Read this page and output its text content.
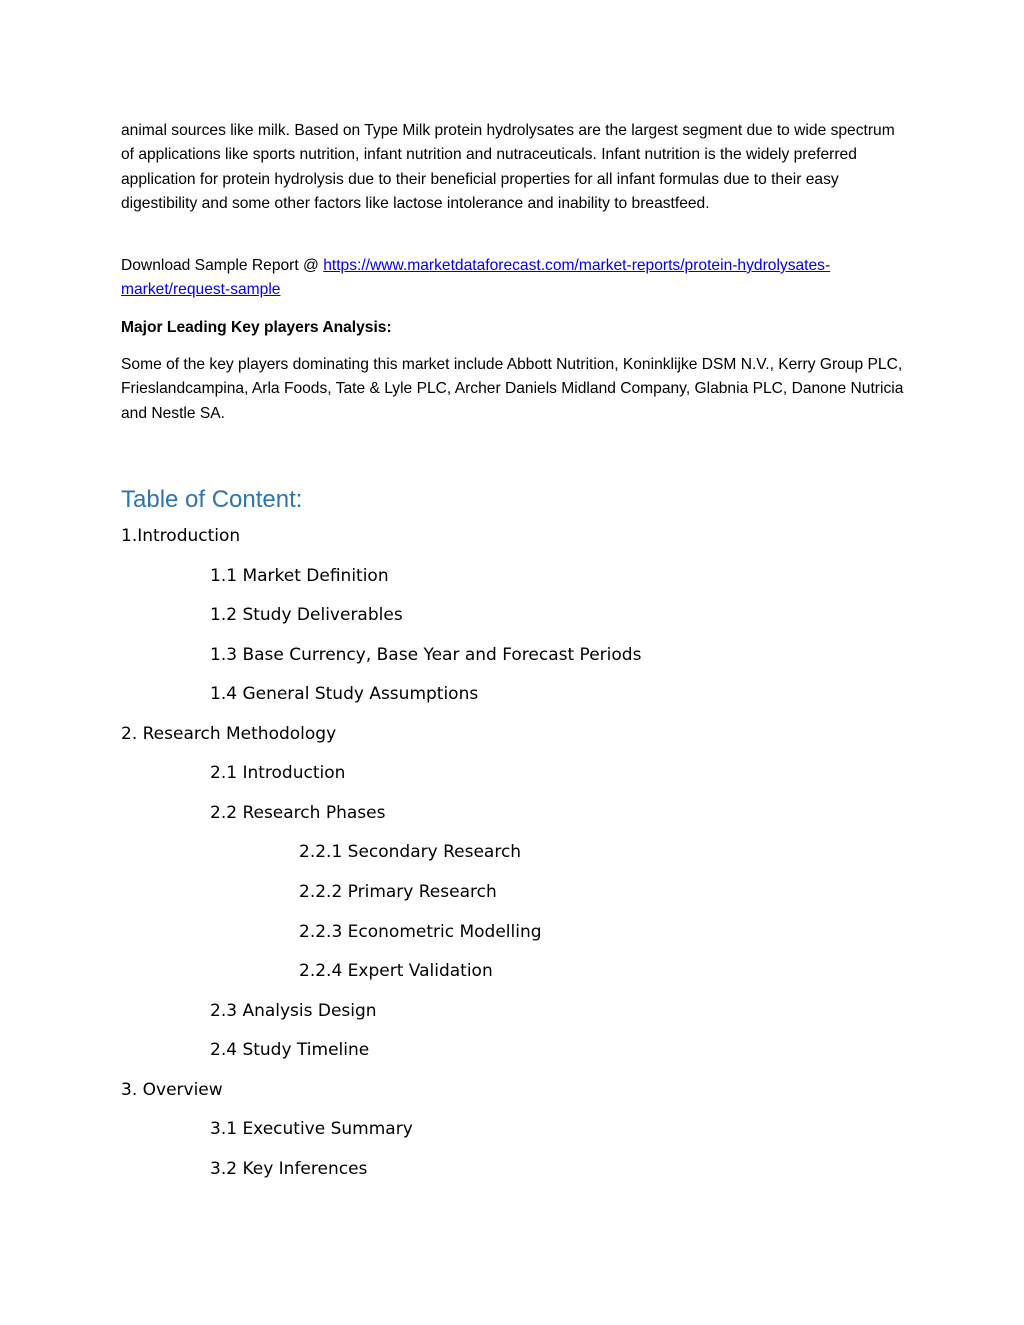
animal sources like milk. Based on Type Milk protein hydrolysates are the largest segment due to wide spectrum of applications like sports nutrition, infant nutrition and nutraceuticals. Infant nutrition is the widely preferred application for protein hydrolysis due to their beneficial properties for all infant formulas due to their easy digestibility and some other factors like lactose intolerance and inability to breastfeed.

Download Sample Report @ https://www.marketdataforecast.com/market-reports/protein-hydrolysates-market/request-sample

Major Leading Key players Analysis:

Some of the key players dominating this market include Abbott Nutrition, Koninklijke DSM N.V., Kerry Group PLC, Frieslandcampina, Arla Foods, Tate & Lyle PLC, Archer Daniels Midland Company, Glabnia PLC, Danone Nutricia and Nestle SA.

Table of Content:

1.Introduction

1.1 Market Definition

1.2 Study Deliverables

1.3 Base Currency, Base Year and Forecast Periods

1.4 General Study Assumptions

2. Research Methodology

2.1 Introduction

2.2 Research Phases

2.2.1 Secondary Research

2.2.2 Primary Research

2.2.3 Econometric Modelling

2.2.4 Expert Validation

2.3 Analysis Design

2.4 Study Timeline

3. Overview

3.1 Executive Summary

3.2 Key Inferences
